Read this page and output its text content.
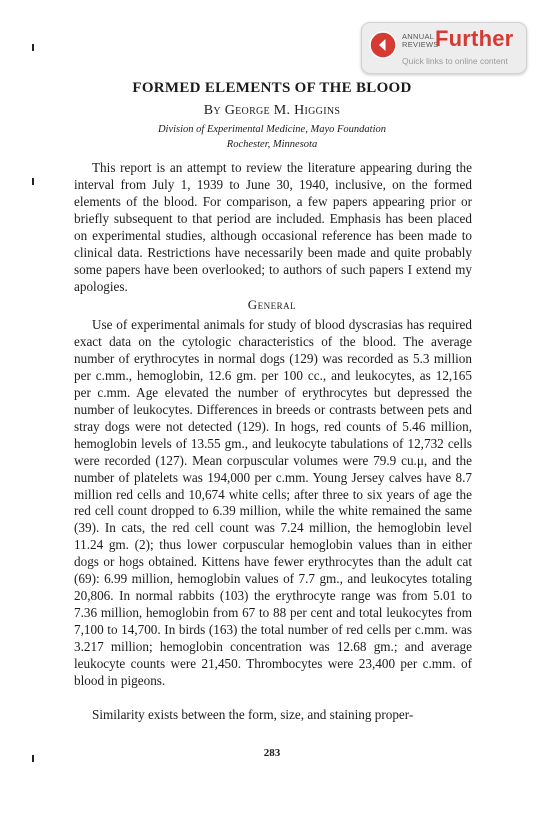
ANNUAL REVIEWS
Further
Quick links to online content
FORMED ELEMENTS OF THE BLOOD
By George M. Higgins
Division of Experimental Medicine, Mayo Foundation
Rochester, Minnesota

This report is an attempt to review the literature appearing during the interval from July 1, 1939 to June 30, 1940, inclusive, on the formed elements of the blood. For comparison, a few papers appearing prior or briefly subsequent to that period are included. Emphasis has been placed on experimental studies, although occasional reference has been made to clinical data. Restrictions have necessarily been made and quite probably some papers have been overlooked; to authors of such papers I extend my apologies.

General

Use of experimental animals for study of blood dyscrasias has required exact data on the cytologic characteristics of the blood. The average number of erythrocytes in normal dogs (129) was recorded as 5.3 million per c.mm., hemoglobin, 12.6 gm. per 100 cc., and leukocytes, as 12,165 per c.mm. Age elevated the number of erythrocytes but depressed the number of leukocytes. Differences in breeds or contrasts between pets and stray dogs were not detected (129). In hogs, red counts of 5.46 million, hemoglobin levels of 13.55 gm., and leukocyte tabulations of 12,732 cells were recorded (127). Mean corpuscular volumes were 79.9 cu.μ, and the number of platelets was 194,000 per c.mm. Young Jersey calves have 8.7 million red cells and 10,674 white cells; after three to six years of age the red cell count dropped to 6.39 million, while the white remained the same (39). In cats, the red cell count was 7.24 million, the hemoglobin level 11.24 gm. (2); thus lower corpuscular hemoglobin values than in either dogs or hogs obtained. Kittens have fewer erythrocytes than the adult cat (69): 6.99 million, hemoglobin values of 7.7 gm., and leukocytes totaling 20,806. In normal rabbits (103) the erythrocyte range was from 5.01 to 7.36 million, hemoglobin from 67 to 88 per cent and total leukocytes from 7,100 to 14,700. In birds (163) the total number of red cells per c.mm. was 3.217 million; hemoglobin concentration was 12.68 gm.; and average leukocyte counts were 21,450. Thrombocytes were 23,400 per c.mm. of blood in pigeons.

Similarity exists between the form, size, and staining proper-

283
